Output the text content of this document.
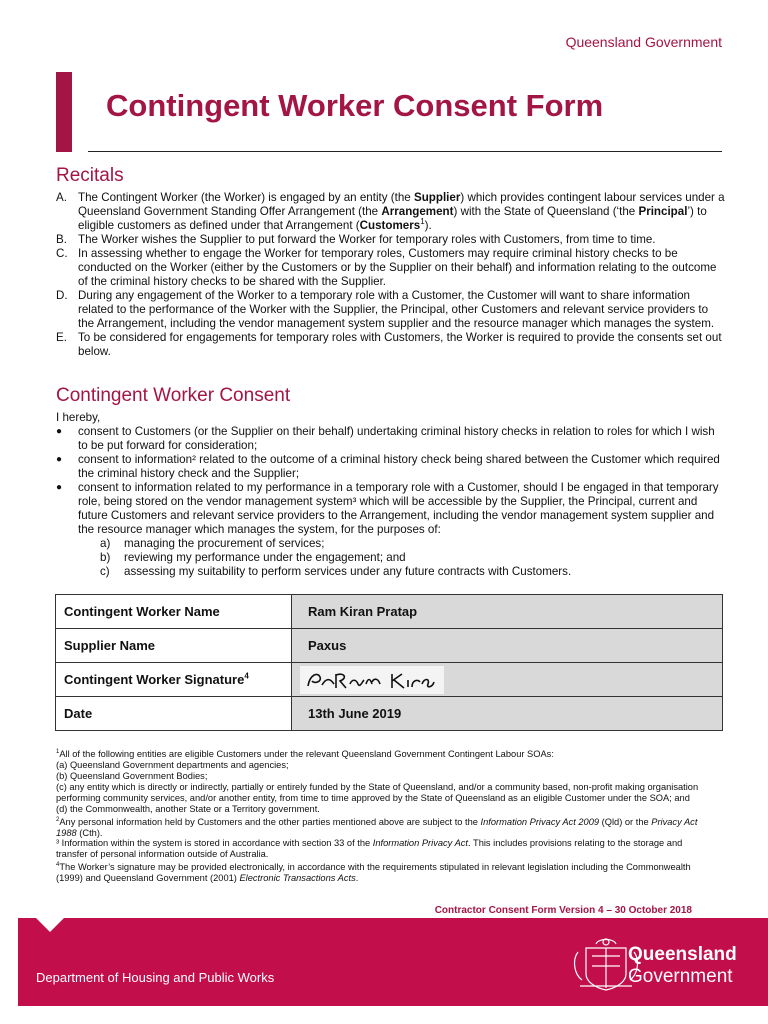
Queensland Government
Contingent Worker Consent Form
Recitals
A. The Contingent Worker (the Worker) is engaged by an entity (the Supplier) which provides contingent labour services under a Queensland Government Standing Offer Arrangement (the Arrangement) with the State of Queensland (‘the Principal’) to eligible customers as defined under that Arrangement (Customers$^1$).
B. The Worker wishes the Supplier to put forward the Worker for temporary roles with Customers, from time to time.
C. In assessing whether to engage the Worker for temporary roles, Customers may require criminal history checks to be conducted on the Worker (either by the Customers or by the Supplier on their behalf) and information relating to the outcome of the criminal history checks to be shared with the Supplier.
D. During any engagement of the Worker to a temporary role with a Customer, the Customer will want to share information related to the performance of the Worker with the Supplier, the Principal, other Customers and relevant service providers to the Arrangement, including the vendor management system supplier and the resource manager which manages the system.
E. To be considered for engagements for temporary roles with Customers, the Worker is required to provide the consents set out below.
Contingent Worker Consent
I hereby,
●	consent to Customers (or the Supplier on their behalf) undertaking criminal history checks in relation to roles for which I wish to be put forward for consideration;
●	consent to information² related to the outcome of a criminal history check being shared between the Customer which required the criminal history check and the Supplier;
●	consent to information related to my performance in a temporary role with a Customer, should I be engaged in that temporary role, being stored on the vendor management system³ which will be accessible by the Supplier, the Principal, current and future Customers and relevant service providers to the Arrangement, including the vendor management system supplier and the resource manager which manages the system, for the purposes of:
a)	managing the procurement of services;
b)	reviewing my performance under the engagement; and
c)	assessing my suitability to perform services under any future contracts with Customers.
Contingent Worker Name	Ram Kiran Pratap
Supplier Name	Paxus
Contingent Worker Signature$^4$	
Date	13th June 2019
$^1$All of the following entities are eligible Customers under the relevant Queensland Government Contingent Labour SOAs:
(a) Queensland Government departments and agencies;
(b) Queensland Government Bodies;
(c) any entity which is directly or indirectly, partially or entirely funded by the State of Queensland, and/or a community based, non-profit making organisation performing community services, and/or another entity, from time to time approved by the State of Queensland as an eligible Customer under the SOA; and
(d) the Commonwealth, another State or a Territory government.
$^2$Any personal information held by Customers and the other parties mentioned above are subject to the Information Privacy Act 2009 (Qld) or the Privacy Act 1988 (Cth).
³ Information within the system is stored in accordance with section 33 of the Information Privacy Act. This includes provisions relating to the storage and transfer of personal information outside of Australia.
$^4$The Worker’s signature may be provided electronically, in accordance with the requirements stipulated in relevant legislation including the Commonwealth (1999) and Queensland Government (2001) Electronic Transactions Acts.
Contractor Consent Form Version 4 – 30 October 2018
Department of Housing and Public Works
Queensland
Government
